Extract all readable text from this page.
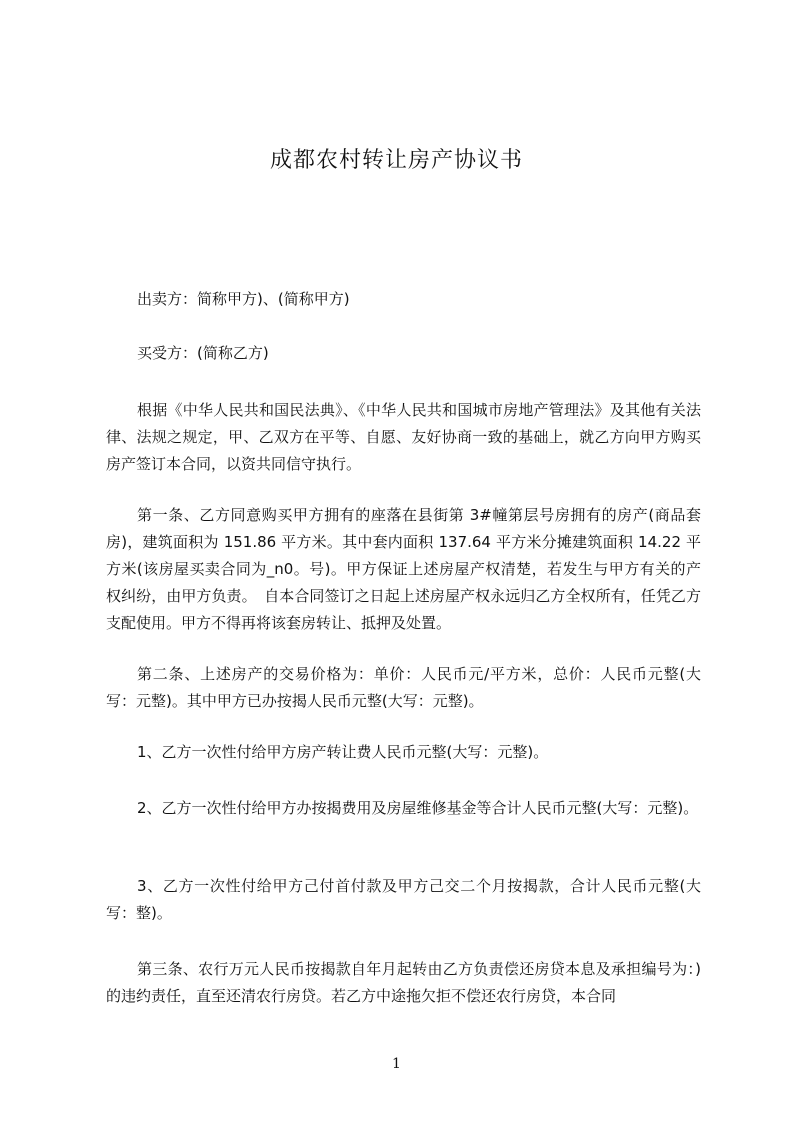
成都农村转让房产协议书

出卖方：简称甲方)、(简称甲方)

买受方：(简称乙方)

根据《中华人民共和国民法典》、《中华人民共和国城市房地产管理法》及其他有关法律、法规之规定，甲、乙双方在平等、自愿、友好协商一致的基础上，就乙方向甲方购买房产签订本合同，以资共同信守执行。

第一条、乙方同意购买甲方拥有的座落在县街第 3#幢第层号房拥有的房产(商品套房)，建筑面积为 151.86 平方米。其中套内面积 137.64 平方米分摊建筑面积 14.22 平方米(该房屋买卖合同为_n0。号)。甲方保证上述房屋产权清楚，若发生与甲方有关的产　权纠纷，由甲方负责。　自本合同签订之日起上述房屋产权永远归乙方全权所有，任凭乙方支配使用。甲方不得再将该套房转让、抵押及处置。

第二条、上述房产的交易价格为：单价：人民币元/平方米，总价：人民币元整(大写：元整)。其中甲方已办按揭人民币元整(大写：元整)。

1、乙方一次性付给甲方房产转让费人民币元整(大写：元整)。

2、乙方一次性付给甲方办按揭费用及房屋维修基金等合计人民币元整(大写：元整)。

3、乙方一次性付给甲方己付首付款及甲方己交二个月按揭款，合计人民币元整(大写：整)。

第三条、农行万元人民币按揭款自年月起转由乙方负责偿还房贷本息及承担编号为：)的违约责任，直至还清农行房贷。若乙方中途拖欠拒不偿还农行房贷，本合同

1
